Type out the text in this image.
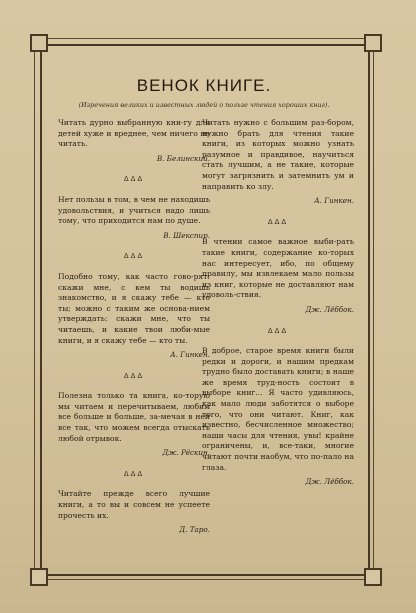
ВЕНОК КНИГЕ.
(Изречения великих и известных людей о пользе чтения хороших книг).

Читать дурно выбранную кни-гу для детей хуже и вреднее, чем ничего не читать.

В. Белинский.

ᐃᐃᐃ

Нет пользы в том, в чем не находишь удовольствия, и учиться надо лишь тому, что приходится нам по душе.

В. Шекспир.

ᐃᐃᐃ

Подобно тому, как часто гово-рят: скажи мне, с кем ты водишь знакомство, и я скажу тебе — кто ты; можно с таким же основа-нием утверждать: скажи мне, что ты читаешь, и какие твои люби-мые книги, и я скажу тебе — кто ты.

А. Гинкен.

ᐃᐃᐃ

Полезна только та книга, ко-торую мы читаем и перечитываем, любим все больше и больше, за-мечая в ней все так, что можем всегда отыскать любой отрывок.

Дж. Рёскин.

ᐃᐃᐃ

Читайте прежде всего лучшие книги, а то вы и совсем не успеете прочесть их.

Д. Таро.

Читать нужно с большим раз-бором, нужно брать для чтения такие книги, из которых можно узнать разумное и правдивое, научиться стать лучшим, а не такие, которые могут загрязнить и затемнить ум и направить ко злу.

А. Гинкен.

ᐃᐃᐃ

В чтении самое важное выби-рать такие книги, содержание ко-торых нас интересует, ибо, по общему правилу, мы извлекаем мало пользы из книг, которые не доставляют нам удоволь-ствия.

Дж. Лёббок.

ᐃᐃᐃ

В доброе, старое время книги были редки и дороги, и нашим предкам трудно было доставать книги; в наше же время труд-ность состоит в выборе книг... Я часто удивляюсь, как мало люди заботятся о выборе того, что они читают. Книг, как известно, бесчисленное множество; наши часы для чтения, увы! крайне ограничены, и, все-таки, многие читают почти наобум, что по-пало на глаза.

Дж. Лёббок.
